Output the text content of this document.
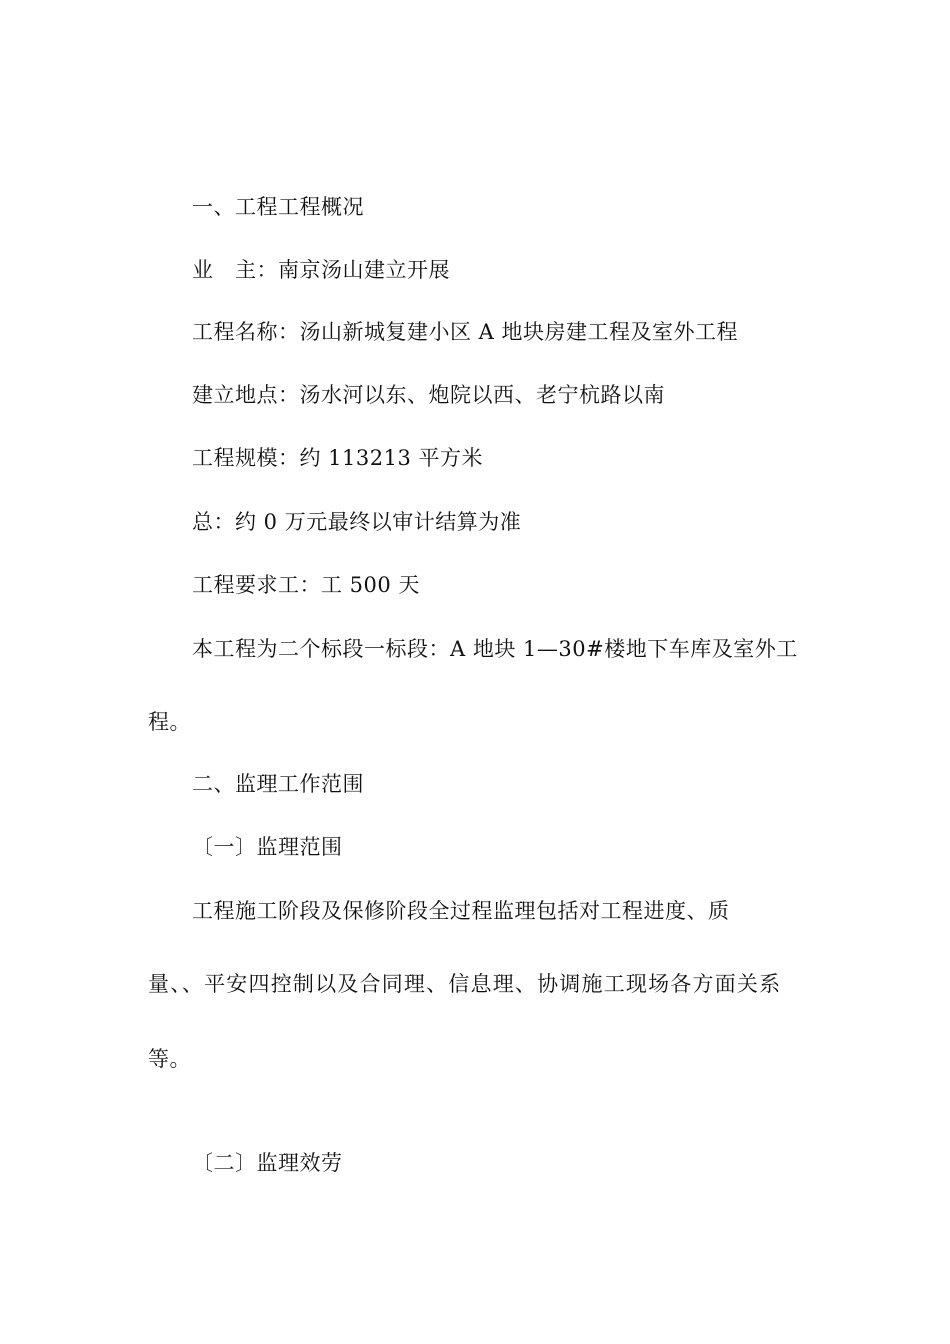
一、工程工程概况
业　主：南京汤山建立开展
工程名称：汤山新城复建小区 A 地块房建工程及室外工程
建立地点：汤水河以东、炮院以西、老宁杭路以南
工程规模：约 113213 平方米
总：约 0 万元最终以审计结算为准
工程要求工：工 500 天
本工程为二个标段一标段：A 地块 1—30#楼地下车库及室外工
程。
二、监理工作范围
〔一〕监理范围
工程施工阶段及保修阶段全过程监理包括对工程进度、质
量、、平安四控制以及合同理、信息理、协调施工现场各方面关系
等。
〔二〕监理效劳
